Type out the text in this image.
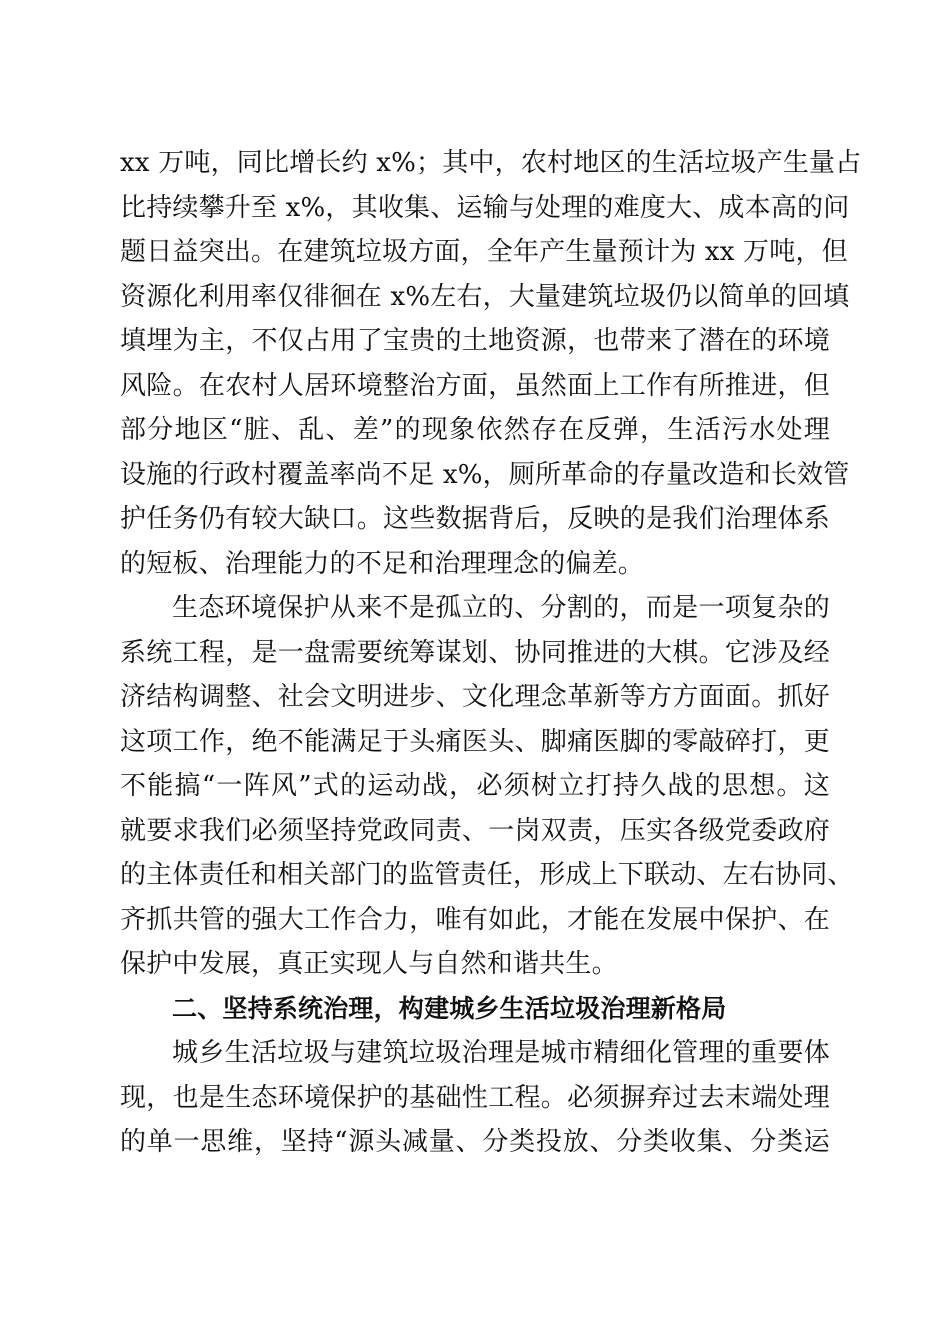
xx 万吨，同比增长约 x%；其中，农村地区的生活垃圾产生量占
比持续攀升至 x%，其收集、运输与处理的难度大、成本高的问
题日益突出。在建筑垃圾方面，全年产生量预计为 xx 万吨，但
资源化利用率仅徘徊在 x%左右，大量建筑垃圾仍以简单的回填
填埋为主，不仅占用了宝贵的土地资源，也带来了潜在的环境
风险。在农村人居环境整治方面，虽然面上工作有所推进，但
部分地区“脏、乱、差”的现象依然存在反弹，生活污水处理
设施的行政村覆盖率尚不足 x%，厕所革命的存量改造和长效管
护任务仍有较大缺口。这些数据背后，反映的是我们治理体系
的短板、治理能力的不足和治理理念的偏差。
生态环境保护从来不是孤立的、分割的，而是一项复杂的
系统工程，是一盘需要统筹谋划、协同推进的大棋。它涉及经
济结构调整、社会文明进步、文化理念革新等方方面面。抓好
这项工作，绝不能满足于头痛医头、脚痛医脚的零敲碎打，更
不能搞“一阵风”式的运动战，必须树立打持久战的思想。这
就要求我们必须坚持党政同责、一岗双责，压实各级党委政府
的主体责任和相关部门的监管责任，形成上下联动、左右协同、
齐抓共管的强大工作合力，唯有如此，才能在发展中保护、在
保护中发展，真正实现人与自然和谐共生。
二、坚持系统治理，构建城乡生活垃圾治理新格局
城乡生活垃圾与建筑垃圾治理是城市精细化管理的重要体
现，也是生态环境保护的基础性工程。必须摒弃过去末端处理
的单一思维，坚持“源头减量、分类投放、分类收集、分类运
